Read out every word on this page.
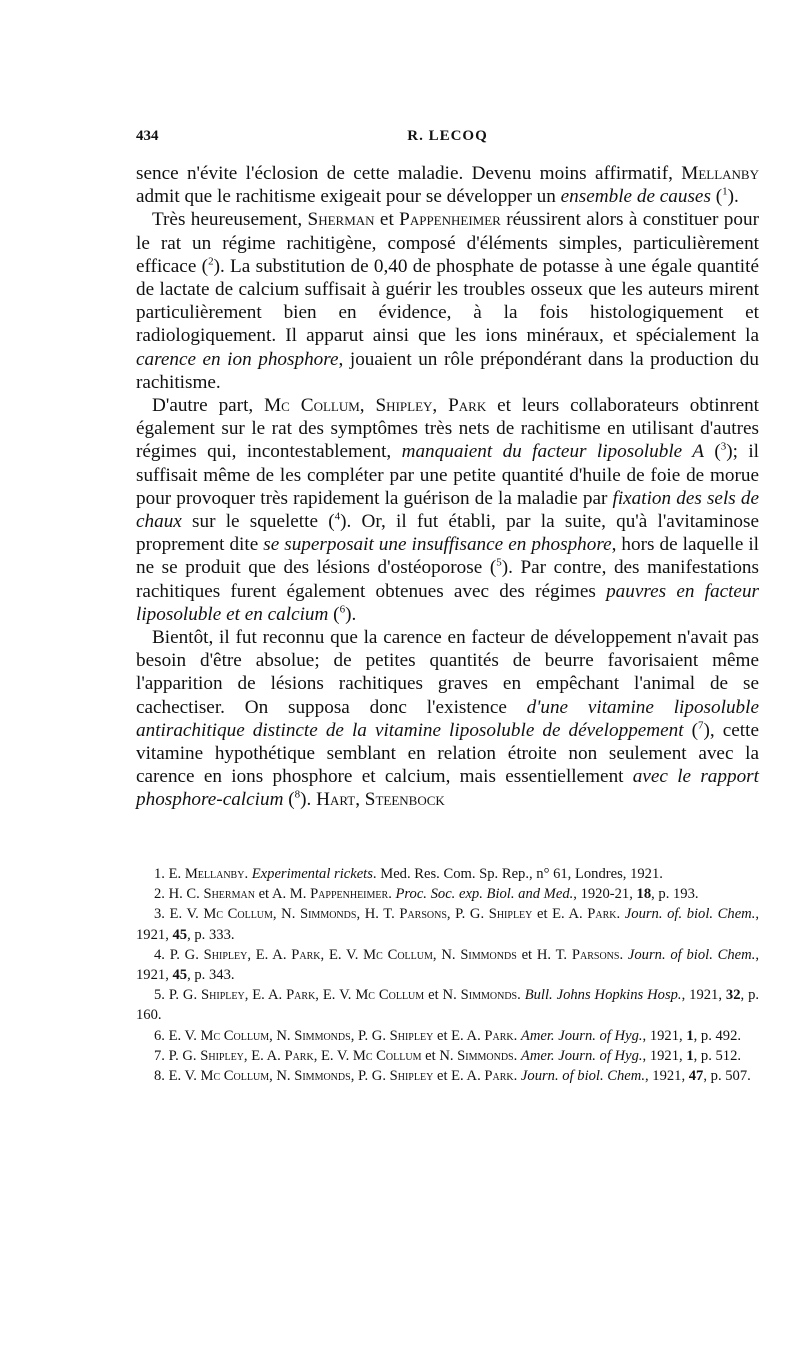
434	R. LECOQ

sence n'évite l'éclosion de cette maladie. Devenu moins affirmatif, Mellanby admit que le rachitisme exigeait pour se développer un ensemble de causes ($^1$).

Très heureusement, Sherman et Pappenheimer réussirent alors à constituer pour le rat un régime rachitigène, composé d'éléments simples, particulièrement efficace ($^2$). La substitution de 0,40 de phosphate de potasse à une égale quantité de lactate de calcium suffisait à guérir les troubles osseux que les auteurs mirent particulièrement bien en évidence, à la fois histologiquement et radiologiquement. Il apparut ainsi que les ions minéraux, et spécialement la carence en ion phosphore, jouaient un rôle prépondérant dans la production du rachitisme.

D'autre part, Mc Collum, Shipley, Park et leurs collaborateurs obtinrent également sur le rat des symptômes très nets de rachitisme en utilisant d'autres régimes qui, incontestablement, manquaient du facteur liposoluble A ($^3$); il suffisait même de les compléter par une petite quantité d'huile de foie de morue pour provoquer très rapidement la guérison de la maladie par fixation des sels de chaux sur le squelette ($^4$). Or, il fut établi, par la suite, qu'à l'avitaminose proprement dite se superposait une insuffisance en phosphore, hors de laquelle il ne se produit que des lésions d'ostéoporose ($^5$). Par contre, des manifestations rachitiques furent également obtenues avec des régimes pauvres en facteur liposoluble et en calcium ($^6$).

Bientôt, il fut reconnu que la carence en facteur de développement n'avait pas besoin d'être absolue; de petites quantités de beurre favorisaient même l'apparition de lésions rachitiques graves en empêchant l'animal de se cachectiser. On supposa donc l'existence d'une vitamine liposoluble antirachitique distincte de la vitamine liposoluble de développement ($^7$), cette vitamine hypothétique semblant en relation étroite non seulement avec la carence en ions phosphore et calcium, mais essentiellement avec le rapport phosphore-calcium ($^8$). Hart, Steenbock

1. E. Mellanby. Experimental rickets. Med. Res. Com. Sp. Rep., n° 61, Londres, 1921.

2. H. C. Sherman et A. M. Pappenheimer. Proc. Soc. exp. Biol. and Med., 1920-21, 18, p. 193.

3. E. V. Mc Collum, N. Simmonds, H. T. Parsons, P. G. Shipley et E. A. Park. Journ. of. biol. Chem., 1921, 45, p. 333.

4. P. G. Shipley, E. A. Park, E. V. Mc Collum, N. Simmonds et H. T. Parsons. Journ. of biol. Chem., 1921, 45, p. 343.

5. P. G. Shipley, E. A. Park, E. V. Mc Collum et N. Simmonds. Bull. Johns Hopkins Hosp., 1921, 32, p. 160.

6. E. V. Mc Collum, N. Simmonds, P. G. Shipley et E. A. Park. Amer. Journ. of Hyg., 1921, 1, p. 492.

7. P. G. Shipley, E. A. Park, E. V. Mc Collum et N. Simmonds. Amer. Journ. of Hyg., 1921, 1, p. 512.

8. E. V. Mc Collum, N. Simmonds, P. G. Shipley et E. A. Park. Journ. of biol. Chem., 1921, 47, p. 507.
